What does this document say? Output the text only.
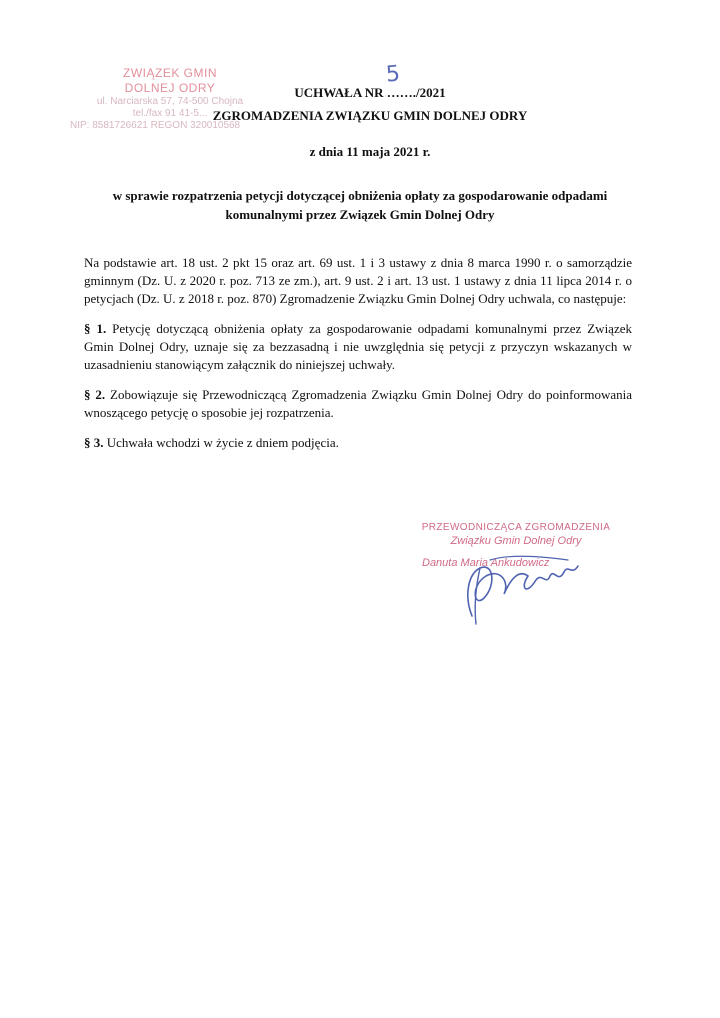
ZWIĄZEK GMIN
DOLNEJ ODRY
ul. Narciarska 57, 74-500 Chojna
tel./fax 91 41-5...
NIP: 8581726621 REGON 320010568
UCHWAŁA NR ……./2021
ZGROMADZENIA ZWIĄZKU GMIN DOLNEJ ODRY
z dnia 11 maja 2021 r.
5
w sprawie rozpatrzenia petycji dotyczącej obniżenia opłaty za gospodarowanie odpadami
komunalnymi przez Związek Gmin Dolnej Odry

Na podstawie art. 18 ust. 2 pkt 15 oraz art. 69 ust. 1 i 3 ustawy z dnia 8 marca 1990 r. o samorządzie gminnym (Dz. U. z 2020 r. poz. 713 ze zm.), art. 9 ust. 2 i art. 13 ust. 1 ustawy z dnia 11 lipca 2014 r. o petycjach (Dz. U. z 2018 r. poz. 870) Zgromadzenie Związku Gmin Dolnej Odry uchwala, co następuje:

§ 1. Petycję dotyczącą obniżenia opłaty za gospodarowanie odpadami komunalnymi przez Związek Gmin Dolnej Odry, uznaje się za bezzasadną i nie uwzględnia się petycji z przyczyn wskazanych w uzasadnieniu stanowiącym załącznik do niniejszej uchwały.

§ 2. Zobowiązuje się Przewodniczącą Zgromadzenia Związku Gmin Dolnej Odry do poinformowania wnoszącego petycję o sposobie jej rozpatrzenia.

§ 3. Uchwała wchodzi w życie z dniem podjęcia.

PRZEWODNICZĄCA ZGROMADZENIA
Związku Gmin Dolnej Odry
Danuta Maria Ankudowicz
